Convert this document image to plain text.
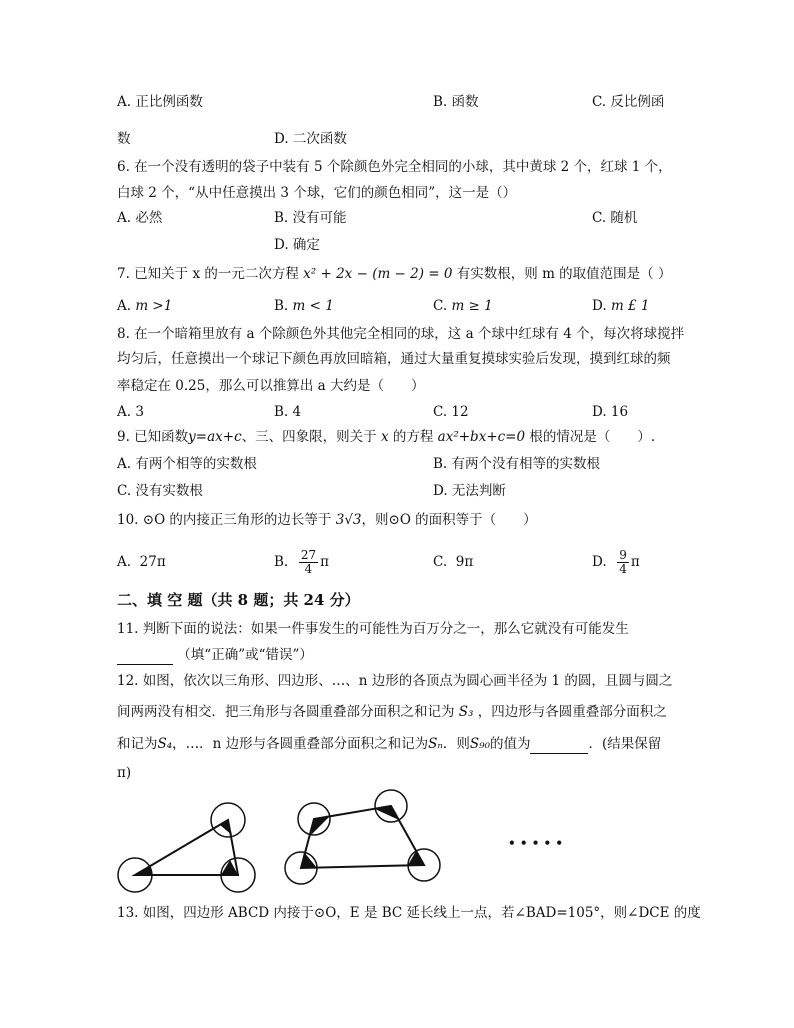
A. 正比例函数	B. 函数	C. 反比例函
数	D. 二次函数
6. 在一个没有透明的袋子中装有 5 个除颜色外完全相同的小球，其中黄球 2 个，红球 1 个，
白球 2 个，“从中任意摸出 3 个球，它们的颜色相同”，这一是（）
A. 必然	B. 没有可能	C. 随机
D. 确定
7. 已知关于 x 的一元二次方程 x² + 2x − (m − 2) = 0 有实数根，则 m 的取值范围是（ ）
A. m >1	B. m < 1	C. m ≥ 1	D. m £ 1
8. 在一个暗箱里放有 a 个除颜色外其他完全相同的球，这 a 个球中红球有 4 个，每次将球搅拌
均匀后，任意摸出一个球记下颜色再放回暗箱，通过大量重复摸球实验后发现，摸到红球的频
率稳定在 0.25，那么可以推算出 a 大约是（　　）
A. 3	B. 4	C. 12	D. 16
9. 已知函数y=ax+c、三、四象限，则关于 x 的方程 ax²+bx+c=0 根的情况是（　　）.
A. 有两个相等的实数根	B. 有两个没有相等的实数根
C. 没有实数根	D. 无法判断
10. ⊙O 的内接正三角形的边长等于 3√3，则⊙O 的面积等于（　　）
A. 27π	B. $\frac{27}{4}$ π	C. 9π	D. $\frac{9}{4}$ π
二、填 空 题（共 8 题；共 24 分）
11. 判断下面的说法：如果一件事发生的可能性为百万分之一，那么它就没有可能发生
（填“正确”或“错误”）
12. 如图，依次以三角形、四边形、…、n 边形的各顶点为圆心画半径为 1 的圆，且圆与圆之
间两两没有相交．把三角形与各圆重叠部分面积之和记为 S₃ ，四边形与各圆重叠部分面积之
和记为S₄，…．n 边形与各圆重叠部分面积之和记为Sₙ．则S₉₀的值为	．(结果保留
π)
• • • • •
13. 如图，四边形 ABCD 内接于⊙O，E 是 BC 延长线上一点，若∠BAD=105°，则∠DCE 的度
